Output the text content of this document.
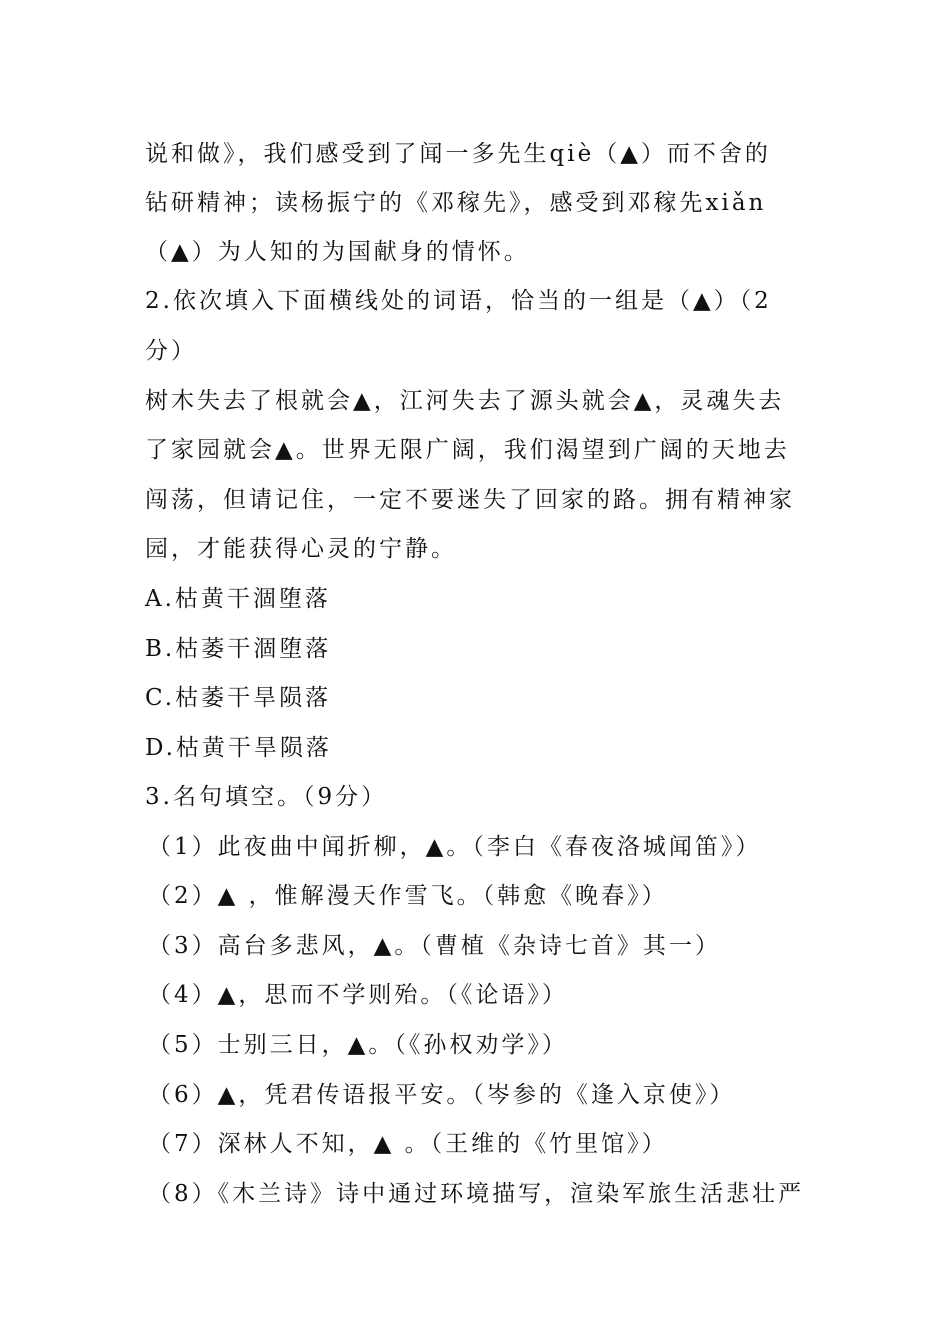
说和做》，我们感受到了闻一多先生qiè（▲）而不舍的
钻研精神；读杨振宁的《邓稼先》，感受到邓稼先xiǎn
（▲）为人知的为国献身的情怀。
2.依次填入下面横线处的词语，恰当的一组是（▲）（2
分）
树木失去了根就会▲，江河失去了源头就会▲，灵魂失去
了家园就会▲。世界无限广阔，我们渴望到广阔的天地去
闯荡，但请记住，一定不要迷失了回家的路。拥有精神家
园，才能获得心灵的宁静。
A.枯黄干涸堕落
B.枯萎干涸堕落
C.枯萎干旱陨落
D.枯黄干旱陨落
3.名句填空。（9分）
（1）此夜曲中闻折柳，▲。（李白《春夜洛城闻笛》）
（2）▲ ，惟解漫天作雪飞。（韩愈《晚春》）
（3）高台多悲风，▲。（曹植《杂诗七首》其一）
（4）▲，思而不学则殆。（《论语》）
（5）士别三日，▲。（《孙权劝学》）
（6）▲，凭君传语报平安。（岑参的《逢入京使》）
（7）深林人不知，▲ 。（王维的《竹里馆》）
（8）《木兰诗》诗中通过环境描写，渲染军旅生活悲壮严
